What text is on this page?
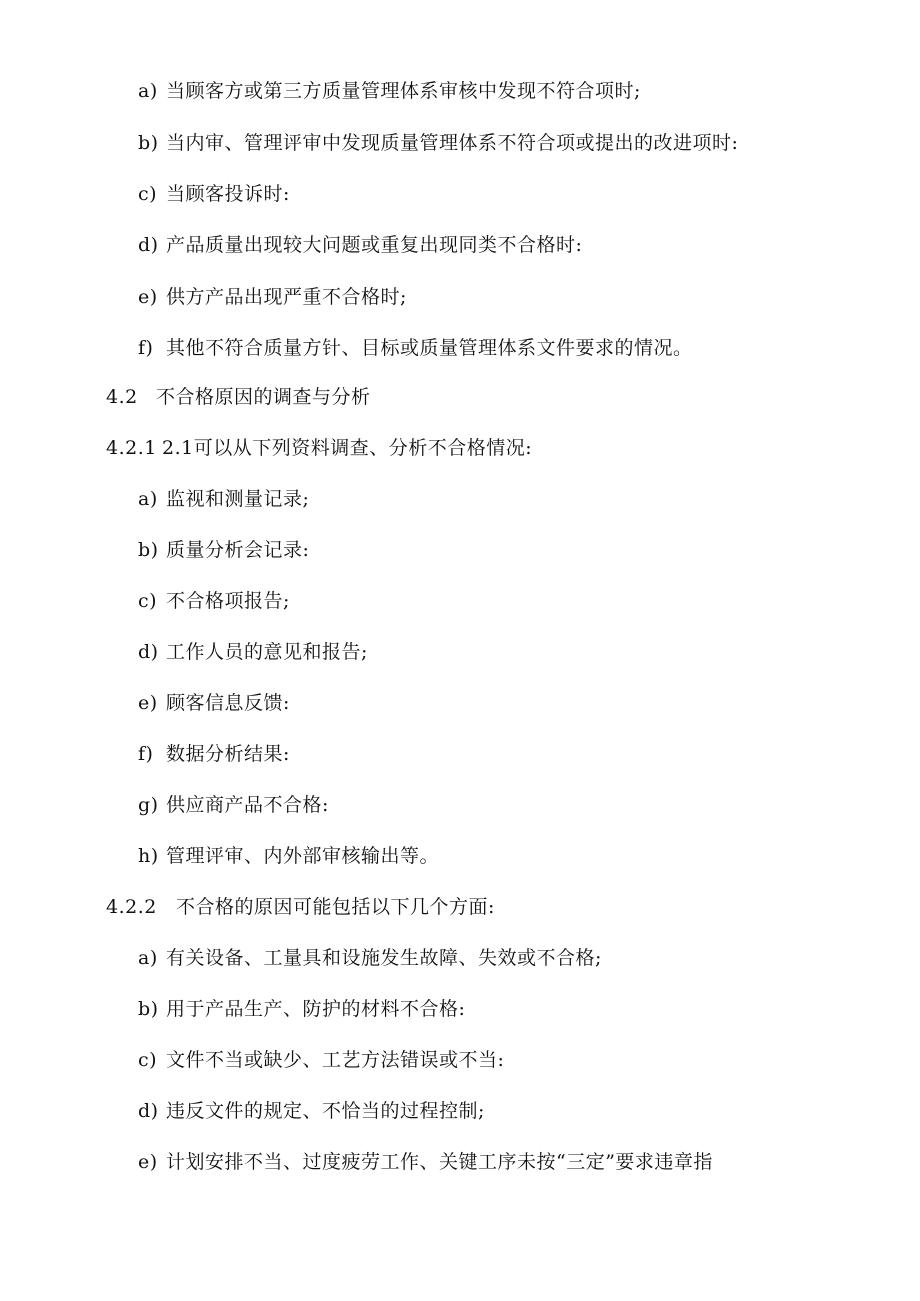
a) 当顾客方或第三方质量管理体系审核中发现不符合项时;
b) 当内审、管理评审中发现质量管理体系不符合项或提出的改进项时:
c) 当顾客投诉时:
d) 产品质量出现较大问题或重复出现同类不合格时:
e) 供方产品出现严重不合格时;
f) 其他不符合质量方针、目标或质量管理体系文件要求的情况。
4.2 不合格原因的调查与分析
4.2.1 2.1可以从下列资料调查、分析不合格情况:
a) 监视和测量记录;
b) 质量分析会记录:
c) 不合格项报告;
d) 工作人员的意见和报告;
e) 顾客信息反馈:
f) 数据分析结果:
g) 供应商产品不合格:
h) 管理评审、内外部审核输出等。
4.2.2 不合格的原因可能包括以下几个方面:
a) 有关设备、工量具和设施发生故障、失效或不合格;
b) 用于产品生产、防护的材料不合格:
c) 文件不当或缺少、工艺方法错误或不当:
d) 违反文件的规定、不恰当的过程控制;
e) 计划安排不当、过度疲劳工作、关键工序未按“三定”要求违章指
